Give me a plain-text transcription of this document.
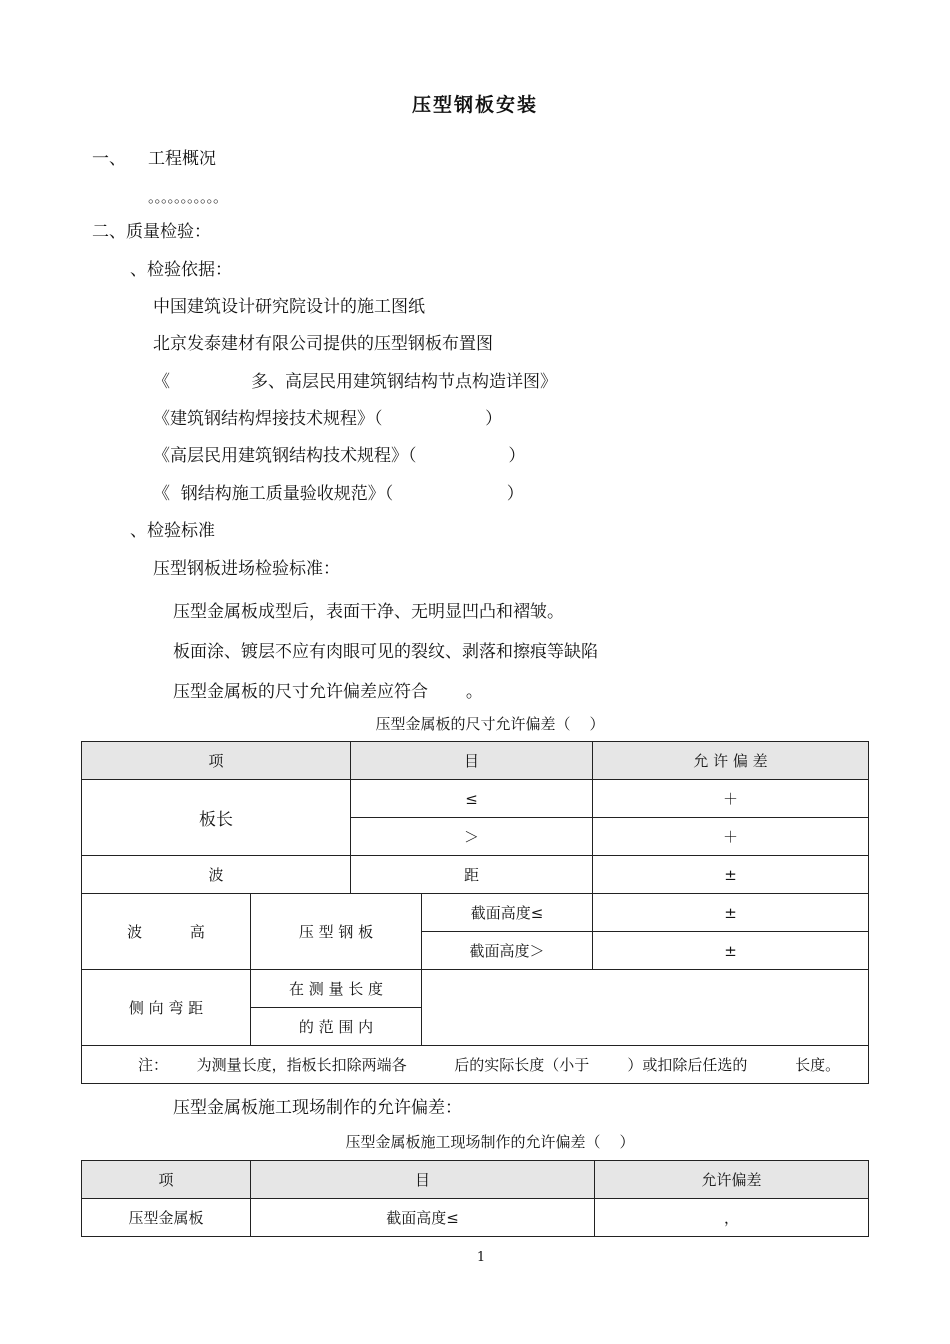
压型钢板安装
一、 工程概况
。。。。。。。。。。。
二、质量检验：
、检验依据：
中国建筑设计研究院设计的施工图纸
北京发泰建材有限公司提供的压型钢板布置图
《               多、高层民用建筑钢结构节点构造详图》
《建筑钢结构焊接技术规程》（                   ）
《高层民用建筑钢结构技术规程》（                 ）
《  钢结构施工质量验收规范》（                     ）
、检验标准
压型钢板进场检验标准：
压型金属板成型后，表面干净、无明显凹凸和褶皱。
板面涂、镀层不应有肉眼可见的裂纹、剥落和擦痕等缺陷
压型金属板的尺寸允许偏差应符合       。
压型金属板的尺寸允许偏差（    ）
项		目		允 许 偏 差
板长		≤		＋
		＞		＋
波		距		±
波          高	压 型 钢 板		截面高度≤	±
			截面高度＞	±
侧 向 弯 距	在 测 量 长 度			
	的 范 围 内			
注：      为测量长度，指板长扣除两端各          后的实际长度（小于        ）或扣除后任选的          长度。				
压型金属板施工现场制作的允许偏差：
压型金属板施工现场制作的允许偏差（    ）
项	目	允许偏差
压型金属板	截面高度≤	，
1
